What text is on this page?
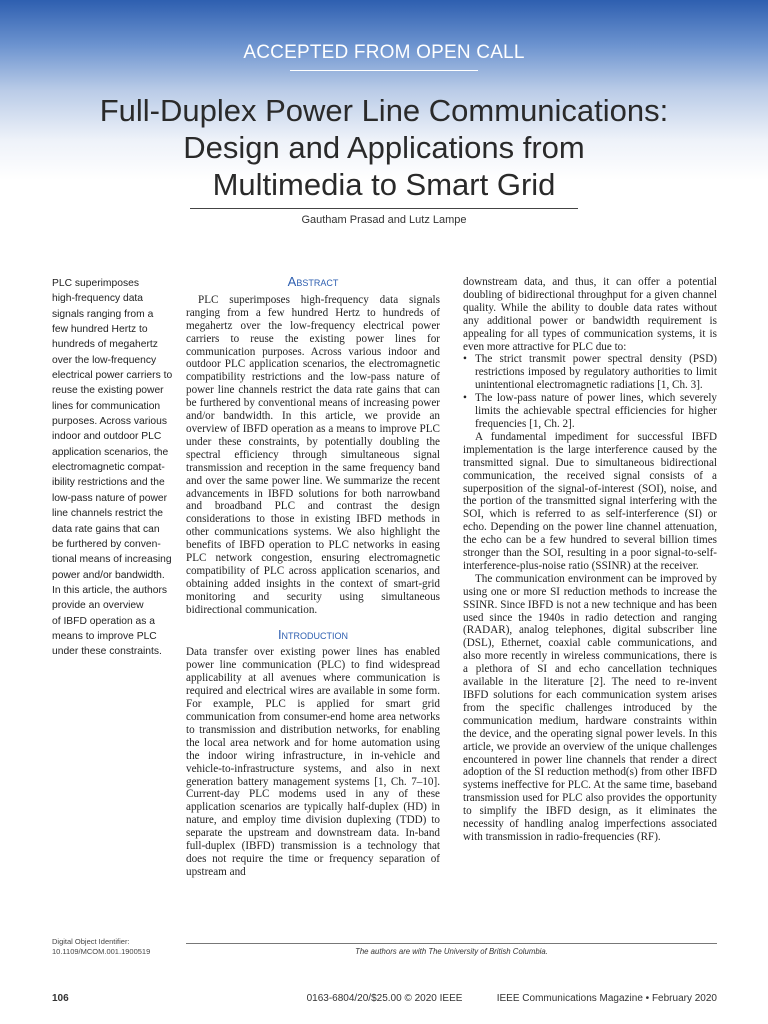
ACCEPTED FROM OPEN CALL
Full-Duplex Power Line Communications:
Design and Applications from
Multimedia to Smart Grid
Gautham Prasad and Lutz Lampe
PLC superimposes
high-frequency data
signals ranging from a
few hundred Hertz to
hundreds of megahertz
over the low-frequency
electrical power carriers to
reuse the existing power
lines for communication
purposes. Across various
indoor and outdoor PLC
application scenarios, the
electromagnetic compat-
ibility restrictions and the
low-pass nature of power
line channels restrict the
data rate gains that can
be furthered by conven-
tional means of increasing
power and/or bandwidth.
In this article, the authors
provide an overview
of IBFD operation as a
means to improve PLC
under these constraints.
Abstract

PLC superimposes high-frequency data signals ranging from a few hundred Hertz to hundreds of megahertz over the low-frequency electrical power carriers to reuse the existing power lines for communication purposes. Across various indoor and outdoor PLC application scenarios, the electromagnetic compatibility restrictions and the low-pass nature of power line channels restrict the data rate gains that can be furthered by conventional means of increasing power and/or bandwidth. In this article, we provide an overview of IBFD operation as a means to improve PLC under these constraints, by potentially doubling the spectral efficiency through simultaneous signal transmission and reception in the same frequency band and over the same power line. We summarize the recent advancements in IBFD solutions for both narrowband and broadband PLC and contrast the design considerations to those in existing IBFD methods in other communications systems. We also highlight the benefits of IBFD operation to PLC networks in easing PLC network congestion, ensuring electromagnetic compatibility of PLC across application scenarios, and obtaining added insights in the context of smart-grid monitoring and security using simultaneous bidirectional communication.

Introduction

Data transfer over existing power lines has enabled power line communication (PLC) to find widespread applicability at all avenues where communication is required and electrical wires are available in some form. For example, PLC is applied for smart grid communication from consumer-end home area networks to transmission and distribution networks, for enabling the local area network and for home automation using the indoor wiring infrastructure, in in-vehicle and vehicle-to-infrastructure systems, and also in next generation battery management systems [1, Ch. 7–10]. Current-day PLC modems used in any of these application scenarios are typically half-duplex (HD) in nature, and employ time division duplexing (TDD) to separate the upstream and downstream data. In-band full-duplex (IBFD) transmission is a technology that does not require the time or frequency separation of upstream and

downstream data, and thus, it can offer a potential doubling of bidirectional throughput for a given channel quality. While the ability to double data rates without any additional power or bandwidth requirement is appealing for all types of communication systems, it is even more attractive for PLC due to:

• The strict transmit power spectral density (PSD) restrictions imposed by regulatory authorities to limit unintentional electromagnetic radiations [1, Ch. 3].
• The low-pass nature of power lines, which severely limits the achievable spectral efficiencies for higher frequencies [1, Ch. 2].

A fundamental impediment for successful IBFD implementation is the large interference caused by the transmitted signal. Due to simultaneous bidirectional communication, the received signal consists of a superposition of the signal-of-interest (SOI), noise, and the portion of the transmitted signal interfering with the SOI, which is referred to as self-interference (SI) or echo. Depending on the power line channel attenuation, the echo can be a few hundred to several billion times stronger than the SOI, resulting in a poor signal-to-self-interference-plus-noise ratio (SSINR) at the receiver.

The communication environment can be improved by using one or more SI reduction methods to increase the SSINR. Since IBFD is not a new technique and has been used since the 1940s in radio detection and ranging (RADAR), analog telephones, digital subscriber line (DSL), Ethernet, coaxial cable communications, and also more recently in wireless communications, there is a plethora of SI and echo cancellation techniques available in the literature [2]. The need to re-invent IBFD solutions for each communication system arises from the specific challenges introduced by the communication medium, hardware constraints within the device, and the operating signal power levels. In this article, we provide an overview of the unique challenges encountered in power line channels that render a direct adoption of the SI reduction method(s) from other IBFD systems ineffective for PLC. At the same time, baseband transmission used for PLC also provides the opportunity to simplify the IBFD design, as it eliminates the necessity of handling analog imperfections associated with transmission in radio-frequencies (RF).

Digital Object Identifier:
10.1109/MCOM.001.1900519	The authors are with The University of British Columbia.
0163-6804/20/$25.00 © 2020 IEEE
106	IEEE Communications Magazine • February 2020
